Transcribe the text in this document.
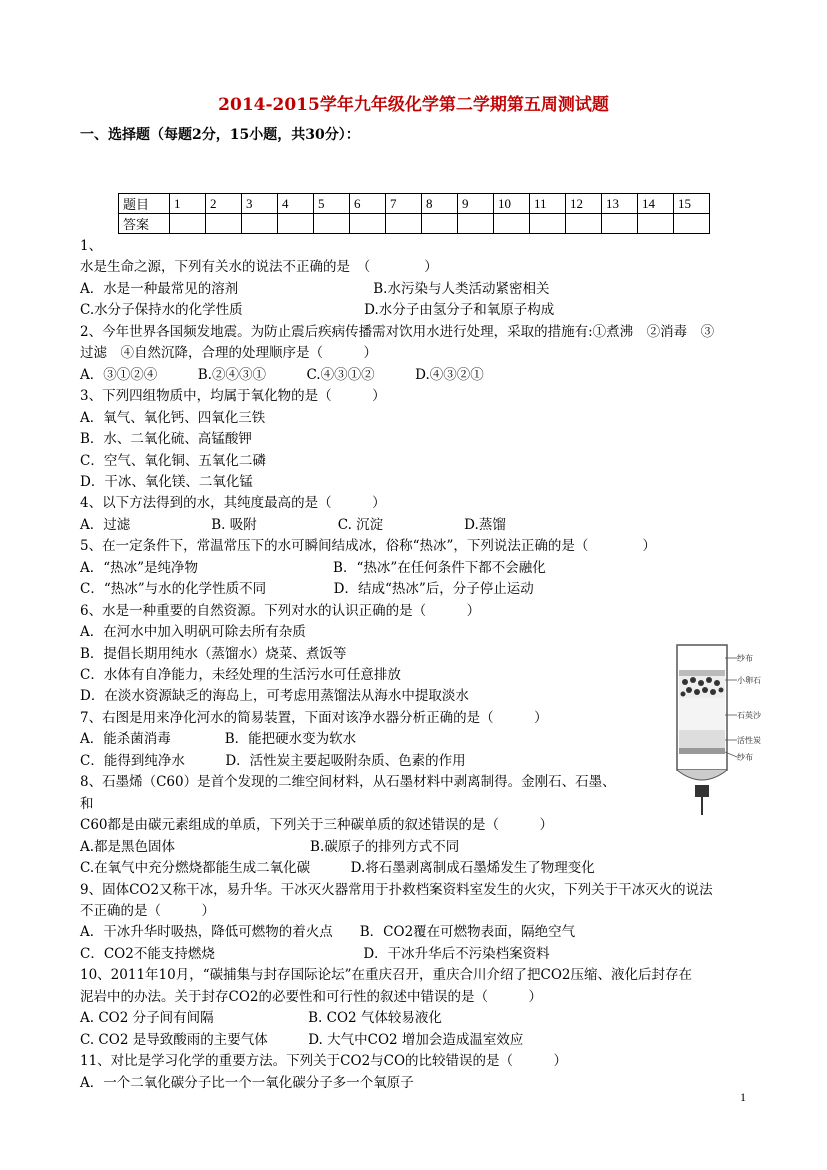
2014-2015学年九年级化学第二学期第五周测试题
一、选择题（每题2分，15小题，共30分）：
题目	1	2	3	4	5	6	7	8	9	10	11	12	13	14	15
答案															
1、
水是生命之源，下列有关水的说法不正确的是　（　　　　）
A．水是一种最常见的溶剂　　　　　　　　　　B.水污染与人类活动紧密相关
C.水分子保持水的化学性质　　　　　　　　　D.水分子由氢分子和氧原子构成
2、今年世界各国频发地震。为防止震后疾病传播需对饮用水进行处理，采取的措施有:①煮沸　②消毒　③
过滤　④自然沉降，合理的处理顺序是（　　　）
A．③①②④　　　B.②④③①　　　C.④③①②　　　D.④③②①
3、下列四组物质中，均属于氧化物的是（　　　）
A．氧气、氧化钙、四氧化三铁
B．水、二氧化硫、高锰酸钾
C．空气、氧化铜、五氧化二磷
D．干冰、氧化镁、二氧化锰
4、以下方法得到的水，其纯度最高的是（　　　）
A．过滤　　　　　　B. 吸附　　　　　　C. 沉淀　　　　　　D.蒸馏
5、在一定条件下，常温常压下的水可瞬间结成冰，俗称“热冰”，下列说法正确的是（　　　　）
A．“热冰”是纯净物　　　　　　　　　　B．“热冰”在任何条件下都不会融化
C．“热冰”与水的化学性质不同　　　　　D．结成“热冰”后，分子停止运动
6、水是一种重要的自然资源。下列对水的认识正确的是（　　　）
A．在河水中加入明矾可除去所有杂质
B．提倡长期用纯水（蒸馏水）烧菜、煮饭等
C．水体有自净能力，未经处理的生活污水可任意排放
D．在淡水资源缺乏的海岛上，可考虑用蒸馏法从海水中提取淡水
7、右图是用来净化河水的简易装置，下面对该净水器分析正确的是（　　　）
A．能杀菌消毒　　　　B．能把硬水变为软水
C．能得到纯净水　　　D．活性炭主要起吸附杂质、色素的作用
8、石墨烯（C60）是首个发现的二维空间材料，从石墨材料中剥离制得。金刚石、石墨、
和
C60都是由碳元素组成的单质，下列关于三种碳单质的叙述错误的是（　　　）
A.都是黑色固体　　　　　　　　　　B.碳原子的排列方式不同
C.在氧气中充分燃烧都能生成二氧化碳　　　D.将石墨剥离制成石墨烯发生了物理变化
9、固体CO2又称干冰，易升华。干冰灭火器常用于扑救档案资料室发生的火灾，下列关于干冰灭火的说法
不正确的是（　　　）
A．干冰升华时吸热，降低可燃物的着火点　　B．CO2覆在可燃物表面，隔绝空气
C．CO2不能支持燃烧　　　　　　　　　　　D．干冰升华后不污染档案资料
10、2011年10月，“碳捕集与封存国际论坛”在重庆召开，重庆合川介绍了把CO2压缩、液化后封存在
泥岩中的办法。关于封存CO2的必要性和可行性的叙述中错误的是（　　　）
A. CO2 分子间有间隔　　　　　　　B. CO2 气体较易液化
C. CO2 是导致酸雨的主要气体　　　D. 大气中CO2 增加会造成温室效应
11、对比是学习化学的重要方法。下列关于CO2与CO的比较错误的是（　　　）
A．一个二氧化碳分子比一个一氧化碳分子多一个氧原子
纱布
小卵石
石英沙
活性炭
纱布
1
